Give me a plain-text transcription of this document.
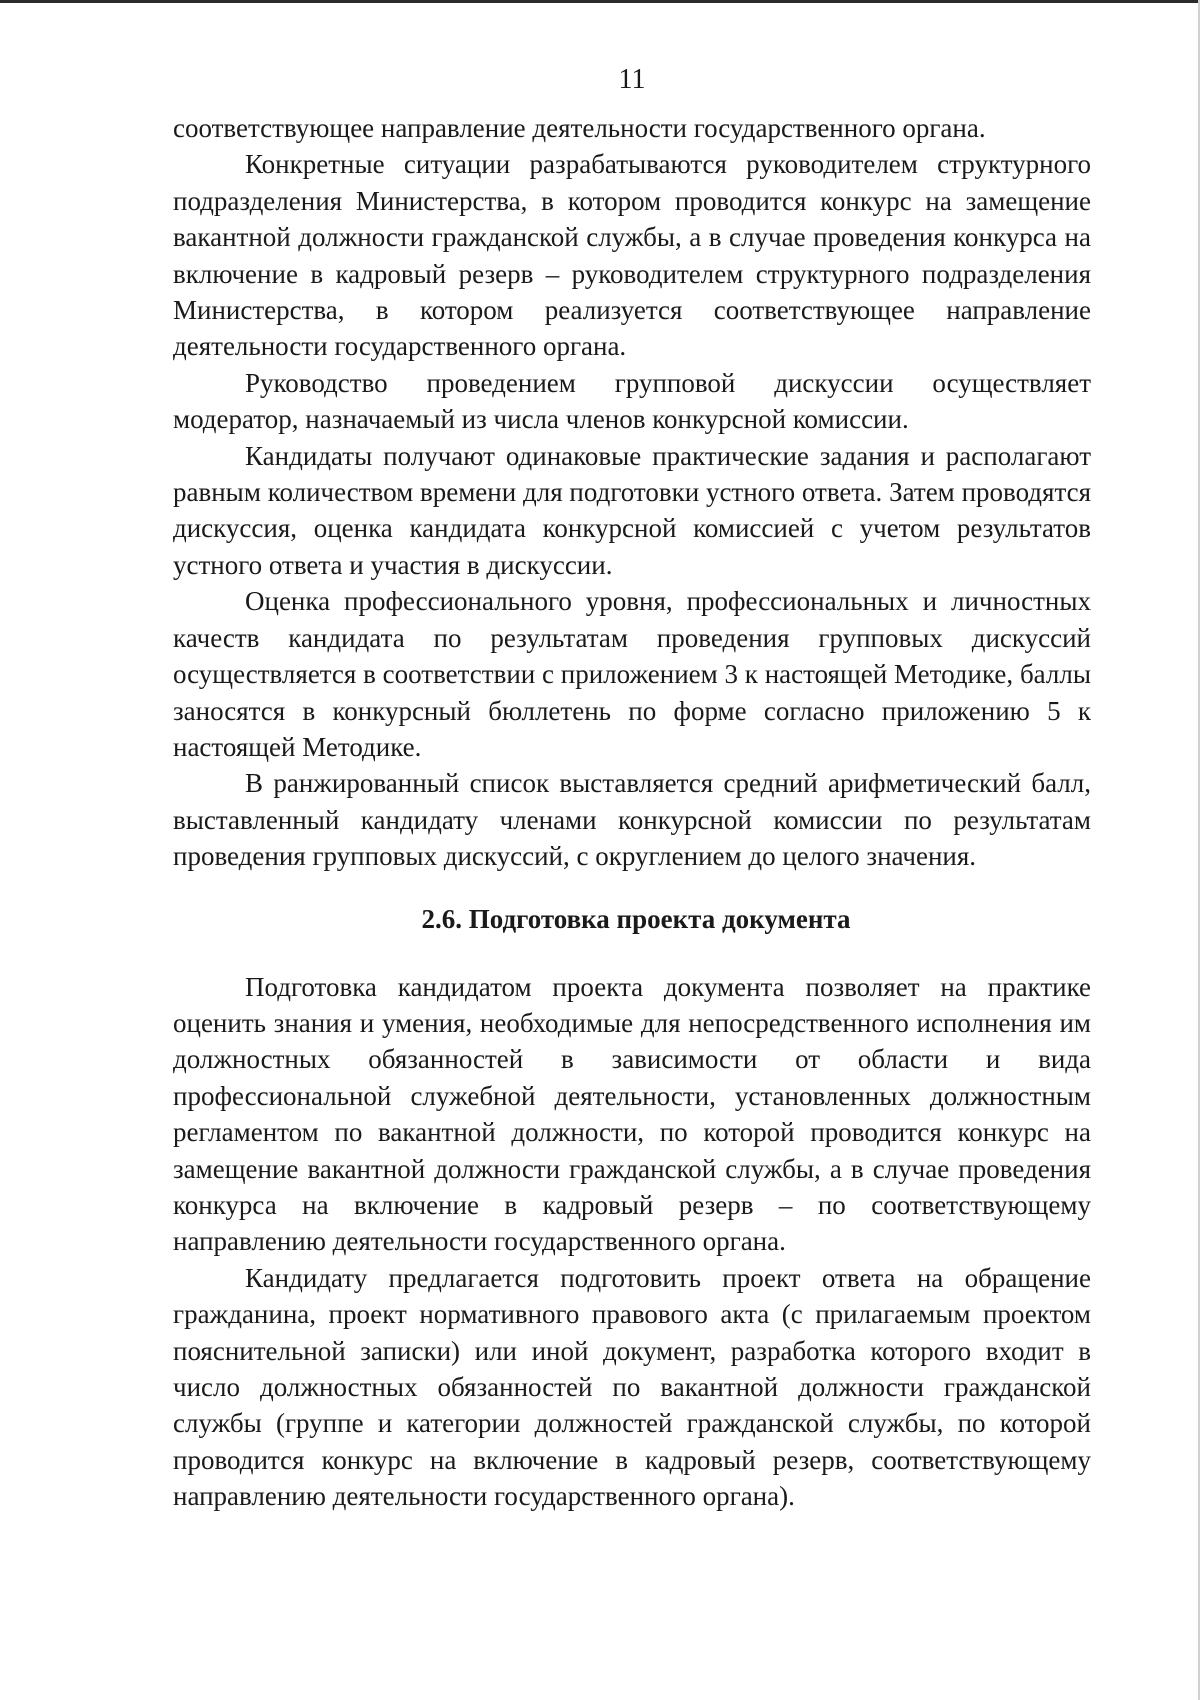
11

соответствующее направление деятельности государственного органа.

Конкретные ситуации разрабатываются руководителем структурного подразделения Министерства, в котором проводится конкурс на замещение вакантной должности гражданской службы, а в случае проведения конкурса на включение в кадровый резерв – руководителем структурного подразделения Министерства, в котором реализуется соответствующее направление деятельности государственного органа.

Руководство проведением групповой дискуссии осуществляет модератор, назначаемый из числа членов конкурсной комиссии.

Кандидаты получают одинаковые практические задания и располагают равным количеством времени для подготовки устного ответа. Затем проводятся дискуссия, оценка кандидата конкурсной комиссией с учетом результатов устного ответа и участия в дискуссии.

Оценка профессионального уровня, профессиональных и личностных качеств кандидата по результатам проведения групповых дискуссий осуществляется в соответствии с приложением 3 к настоящей Методике, баллы заносятся в конкурсный бюллетень по форме согласно приложению 5 к настоящей Методике.

В ранжированный список выставляется средний арифметический балл, выставленный кандидату членами конкурсной комиссии по результатам проведения групповых дискуссий, с округлением до целого значения.

2.6. Подготовка проекта документа

Подготовка кандидатом проекта документа позволяет на практике оценить знания и умения, необходимые для непосредственного исполнения им должностных обязанностей в зависимости от области и вида профессиональной служебной деятельности, установленных должностным регламентом по вакантной должности, по которой проводится конкурс на замещение вакантной должности гражданской службы, а в случае проведения конкурса на включение в кадровый резерв – по соответствующему направлению деятельности государственного органа.

Кандидату предлагается подготовить проект ответа на обращение гражданина, проект нормативного правового акта (с прилагаемым проектом пояснительной записки) или иной документ, разработка которого входит в число должностных обязанностей по вакантной должности гражданской службы (группе и категории должностей гражданской службы, по которой проводится конкурс на включение в кадровый резерв, соответствующему направлению деятельности государственного органа).
